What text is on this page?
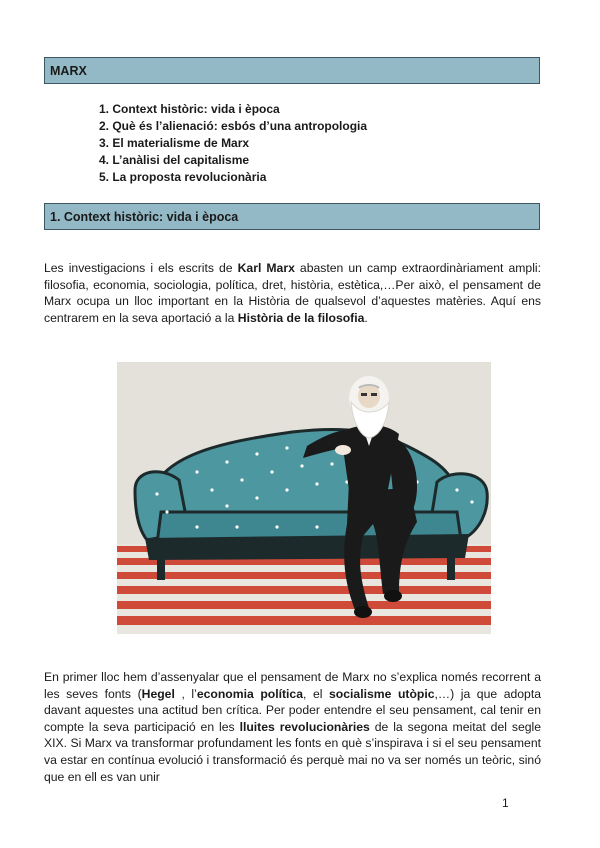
MARX
1. Context històric: vida i època
2. Què és l’alienació: esbós d’una antropologia
3. El materialisme de Marx
4. L’anàlisi del capitalisme
5. La proposta revolucionària
1. Context històric: vida i època

Les investigacions i els escrits de Karl Marx abasten un camp extraordinàriament ampli: filosofia, economia, sociologia, política, dret, història, estètica,…Per això, el pensament de Marx ocupa un lloc important en la Història de qualsevol d’aquestes matèries. Aquí ens centrarem en la seva aportació a la Història de la filosofia.

En primer lloc hem d’assenyalar que el pensament de Marx no s’explica només recorrent a les seves fonts (Hegel , l’economia política, el socialisme utòpic,…) ja que adopta davant aquestes una actitud ben crítica. Per poder entendre el seu pensament, cal tenir en compte la seva participació en les lluites revolucionàries de la segona meitat del segle XIX. Si Marx va transformar profundament les fonts en què s’inspirava i si el seu pensament va estar en contínua evolució i transformació és perquè mai no va ser només un teòric, sinó que en ell es van unir

1
